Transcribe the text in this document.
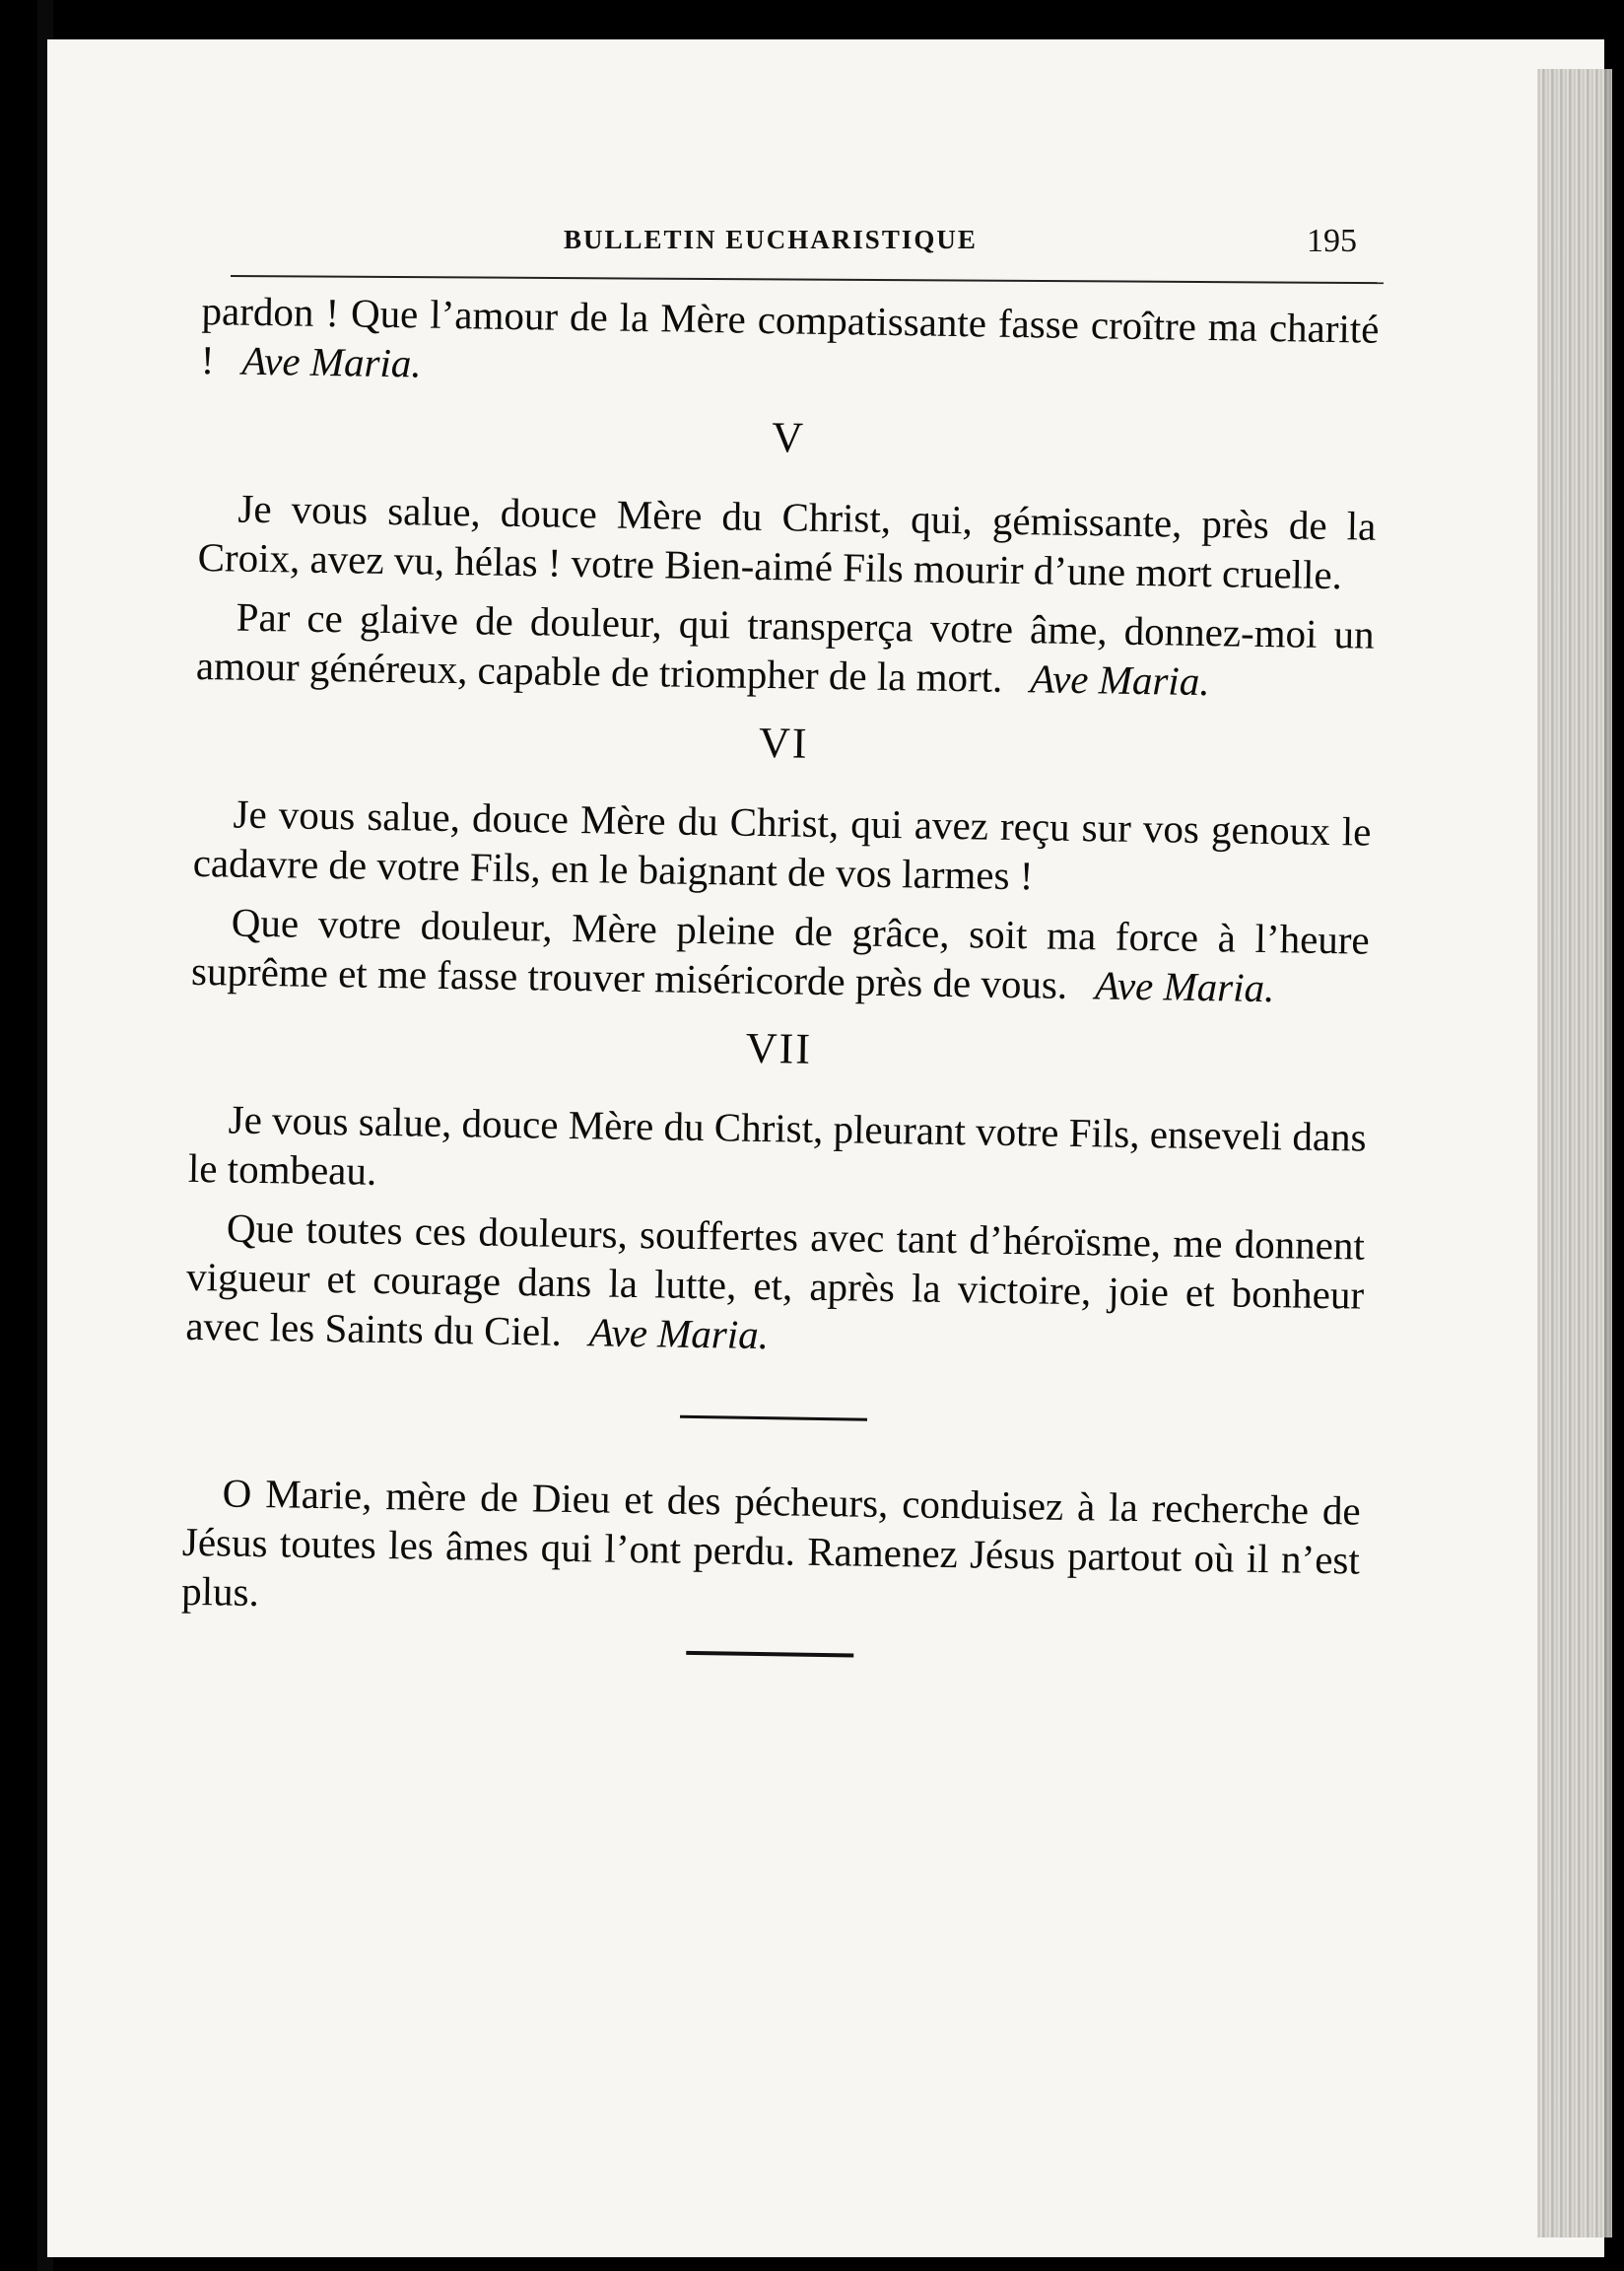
BULLETIN EUCHARISTIQUE	195

pardon ! Que l’amour de la Mère compatissante fasse croître ma charité ! Ave Maria.

V

Je vous salue, douce Mère du Christ, qui, gémissante, près de la Croix, avez vu, hélas ! votre Bien-aimé Fils mourir d’une mort cruelle.

Par ce glaive de douleur, qui transperça votre âme, donnez-moi un amour généreux, capable de triompher de la mort. Ave Maria.

VI

Je vous salue, douce Mère du Christ, qui avez reçu sur vos genoux le cadavre de votre Fils, en le baignant de vos larmes !

Que votre douleur, Mère pleine de grâce, soit ma force à l’heure suprême et me fasse trouver miséricorde près de vous. Ave Maria.

VII

Je vous salue, douce Mère du Christ, pleurant votre Fils, enseveli dans le tombeau.

Que toutes ces douleurs, souffertes avec tant d’héroïsme, me donnent vigueur et courage dans la lutte, et, après la victoire, joie et bonheur avec les Saints du Ciel. Ave Maria.

O Marie, mère de Dieu et des pécheurs, conduisez à la recherche de Jésus toutes les âmes qui l’ont perdu. Ramenez Jésus partout où il n’est plus.
